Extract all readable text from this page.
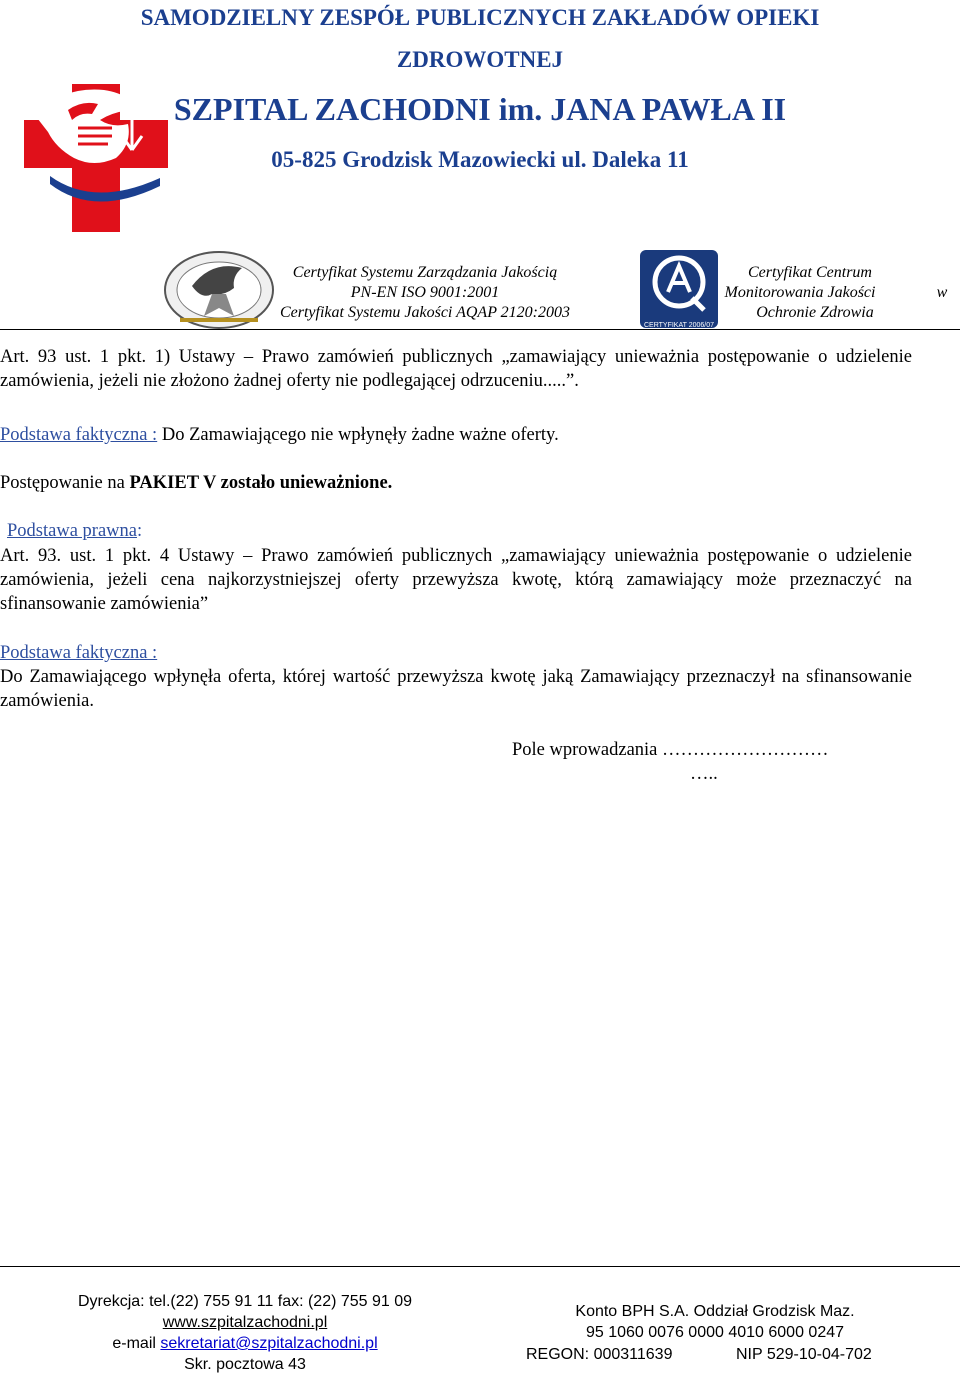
SAMODZIELNY ZESPÓŁ PUBLICZNYCH ZAKŁADÓW OPIEKI
ZDROWOTNEJ
SZPITAL ZACHODNI im. JANA PAWŁA II
05-825 Grodzisk Mazowiecki ul. Daleka 11
Certyfikat Systemu Zarządzania Jakością
PN-EN ISO 9001:2001
Certyfikat Systemu Jakości AQAP 2120:2003
CERTYFIKAT 2006/07
Certyfikat Centrum
Monitorowania Jakości	w
Ochronie Zdrowia
Art. 93 ust. 1 pkt. 1) Ustawy – Prawo zamówień publicznych „zamawiający unieważnia postępowanie o udzielenie zamówienia, jeżeli nie złożono żadnej oferty nie podlegającej odrzuceniu.....”.
Podstawa faktyczna : Do Zamawiającego nie wpłynęły żadne ważne oferty.
Postępowanie na PAKIET V zostało unieważnione.
Podstawa prawna:
Art. 93. ust. 1 pkt. 4 Ustawy – Prawo zamówień publicznych „zamawiający unieważnia postępowanie o udzielenie zamówienia, jeżeli cena najkorzystniejszej oferty przewyższa kwotę, którą zamawiający może przeznaczyć na sfinansowanie zamówienia”
Podstawa faktyczna :
Do Zamawiającego wpłynęła oferta, której wartość przewyższa kwotę jaką Zamawiający przeznaczył na sfinansowanie zamówienia.
Pole wprowadzania ………………………
…..
Dyrekcja: tel.(22) 755 91 11 fax: (22) 755 91 09
www.szpitalzachodni.pl
e-mail sekretariat@szpitalzachodni.pl
Skr. pocztowa 43
Konto BPH S.A. Oddział Grodzisk Maz.
95 1060 0076 0000 4010 6000 0247
REGON: 000311639	NIP 529-10-04-702
